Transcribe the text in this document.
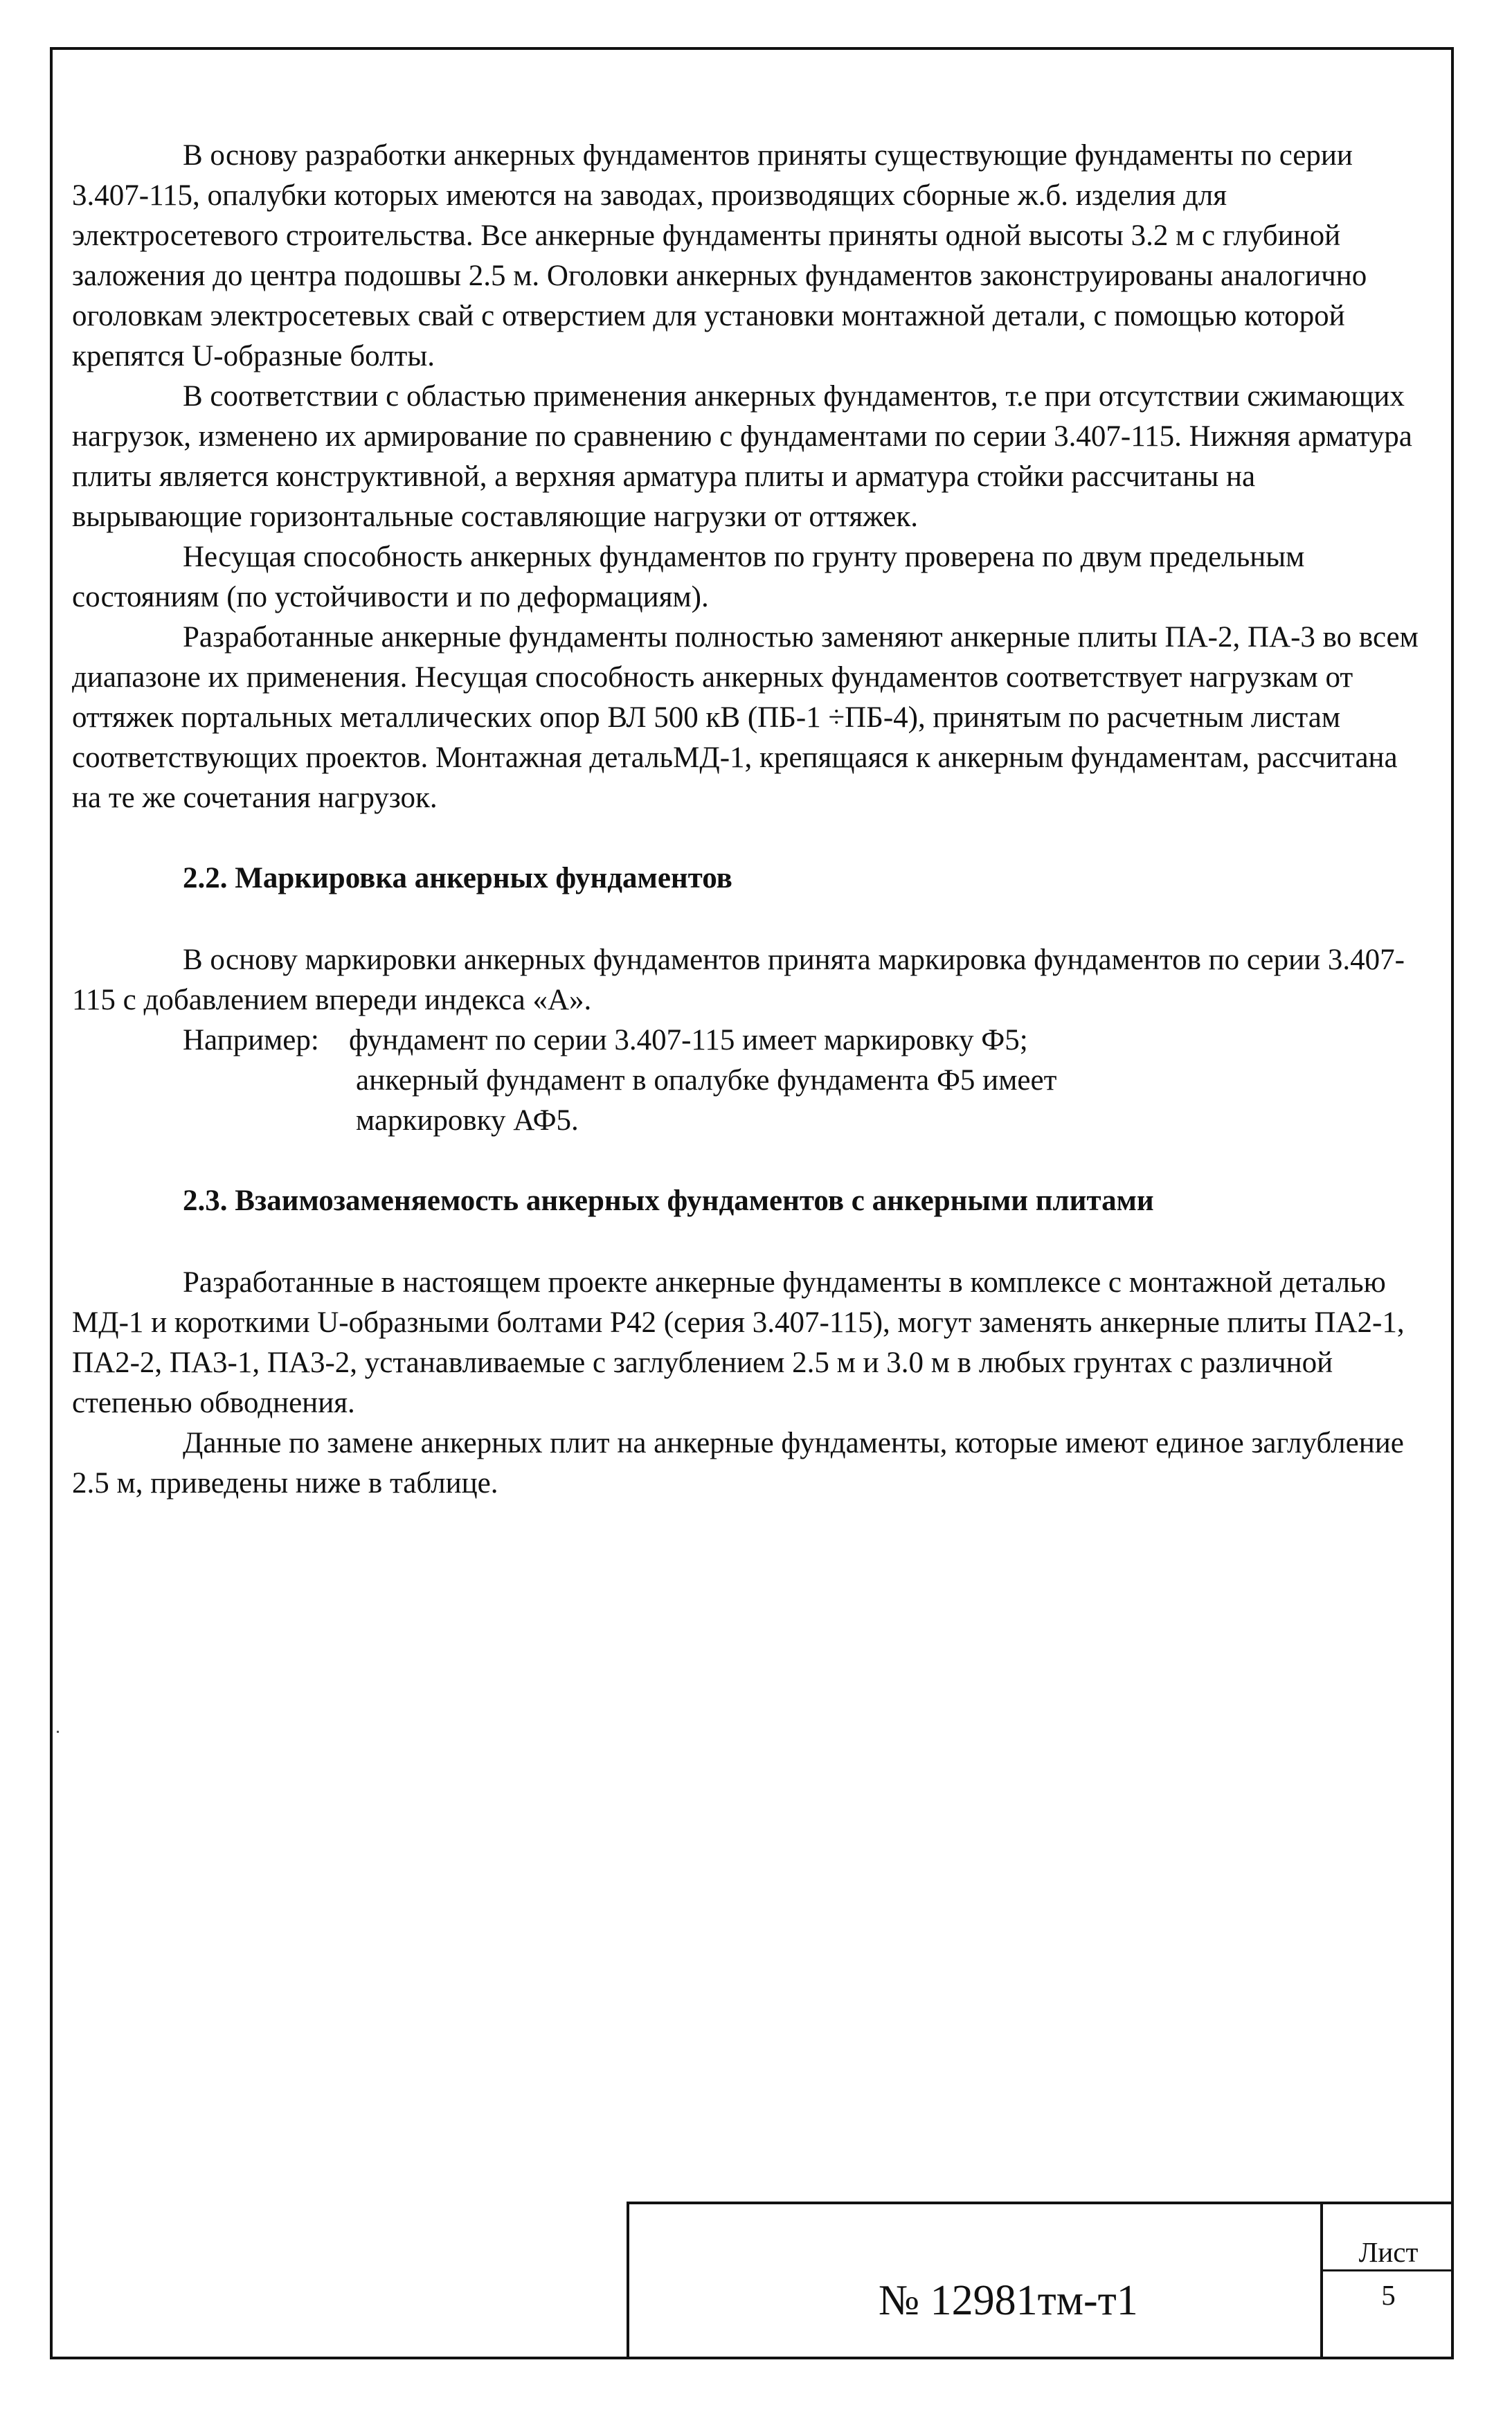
В основу разработки анкерных фундаментов приняты существующие фундаменты по серии 3.407-115, опалубки которых имеются на заводах, производящих сборные ж.б. изделия для электросетевого строительства. Все анкерные фундаменты приняты одной высоты 3.2 м с глубиной заложения до центра подошвы 2.5 м. Оголовки анкерных фундаментов законструированы аналогично оголовкам электросетевых свай с отверстием для установки монтажной детали, с помощью которой крепятся U-образные болты.

В соответствии с областью применения анкерных фундаментов, т.е при отсутствии сжимающих нагрузок, изменено их армирование по сравнению с фундаментами по серии 3.407-115. Нижняя арматура плиты является конструктивной, а верхняя арматура плиты и арматура стойки рассчитаны на вырывающие горизонтальные составляющие нагрузки от оттяжек.

Несущая способность анкерных фундаментов по грунту проверена по двум предельным состояниям (по устойчивости и по деформациям).

Разработанные анкерные фундаменты полностью заменяют анкерные плиты ПА-2, ПА-3 во всем диапазоне их применения. Несущая способность анкерных фундаментов соответствует нагрузкам от оттяжек портальных металлических опор ВЛ 500 кВ (ПБ-1 ÷ПБ-4), принятым по расчетным листам соответствующих проектов. Монтажная детальМД-1, крепящаяся к анкерным фундаментам, рассчитана на те же сочетания нагрузок.

2.2. Маркировка анкерных фундаментов

В основу маркировки анкерных фундаментов принята маркировка фундаментов по серии 3.407-115 с добавлением впереди индекса «А».

Например:	фундамент по серии 3.407-115 имеет маркировку Ф5;

анкерный фундамент в опалубке фундамента Ф5 имеет

маркировку АФ5.

2.3. Взаимозаменяемость анкерных фундаментов с анкерными плитами

Разработанные в настоящем проекте анкерные фундаменты в комплексе с монтажной деталью МД-1 и короткими U-образными болтами Р42 (серия 3.407-115), могут заменять анкерные плиты ПА2-1, ПА2-2, ПА3-1, ПА3-2, устанавливаемые с заглублением 2.5 м и 3.0 м в любых грунтах с различной степенью обводнения.

Данные по замене анкерных плит на анкерные фундаменты, которые имеют единое заглубление 2.5 м, приведены ниже в таблице.

№ 12981тм-т1
Лист
5
